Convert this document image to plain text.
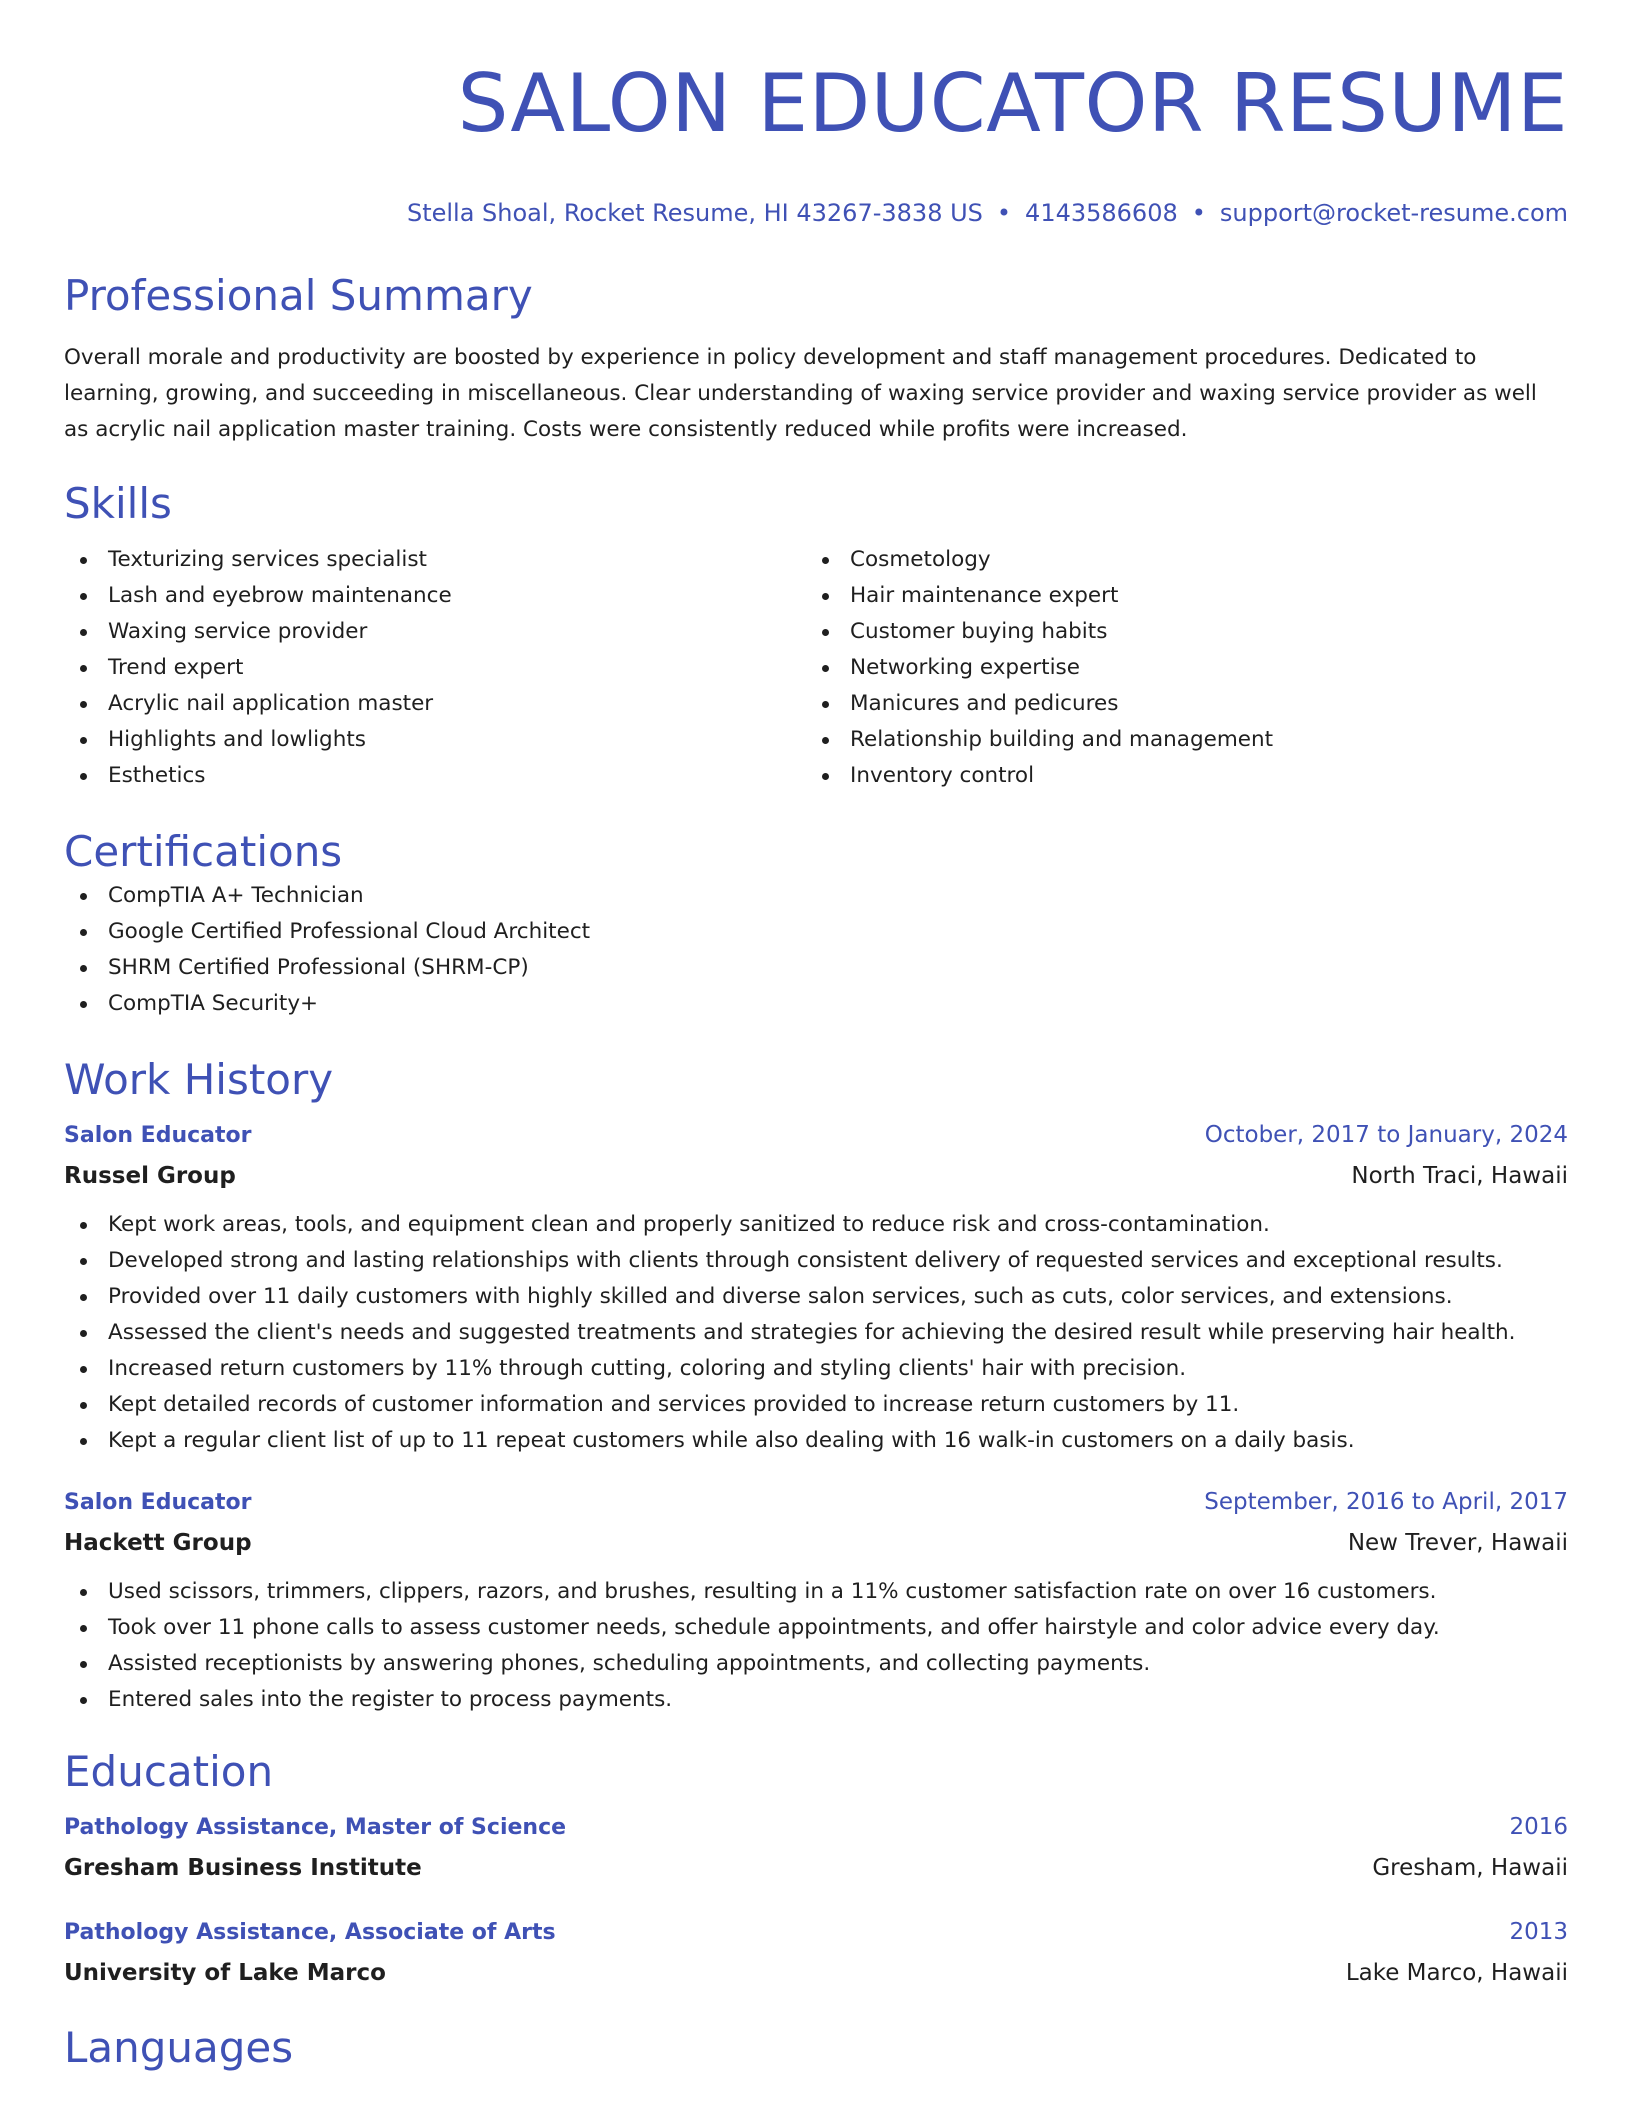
SALON EDUCATOR RESUME
Stella Shoal, Rocket Resume, HI 43267-3838 US • 4143586608 • support@rocket-resume.com
Professional Summary
Overall morale and productivity are boosted by experience in policy development and staff management procedures. Dedicated to learning, growing, and succeeding in miscellaneous. Clear understanding of waxing service provider and waxing service provider as well as acrylic nail application master training. Costs were consistently reduced while profits were increased.
Skills
Texturizing services specialist
Lash and eyebrow maintenance
Waxing service provider
Trend expert
Acrylic nail application master
Highlights and lowlights
Esthetics
Cosmetology
Hair maintenance expert
Customer buying habits
Networking expertise
Manicures and pedicures
Relationship building and management
Inventory control
Certifications
CompTIA A+ Technician
Google Certified Professional Cloud Architect
SHRM Certified Professional (SHRM-CP)
CompTIA Security+
Work History
Salon Educator	October, 2017 to January, 2024
Russel Group	North Traci, Hawaii
Kept work areas, tools, and equipment clean and properly sanitized to reduce risk and cross-contamination.
Developed strong and lasting relationships with clients through consistent delivery of requested services and exceptional results.
Provided over 11 daily customers with highly skilled and diverse salon services, such as cuts, color services, and extensions.
Assessed the client's needs and suggested treatments and strategies for achieving the desired result while preserving hair health.
Increased return customers by 11% through cutting, coloring and styling clients' hair with precision.
Kept detailed records of customer information and services provided to increase return customers by 11.
Kept a regular client list of up to 11 repeat customers while also dealing with 16 walk-in customers on a daily basis.
Salon Educator	September, 2016 to April, 2017
Hackett Group	New Trever, Hawaii
Used scissors, trimmers, clippers, razors, and brushes, resulting in a 11% customer satisfaction rate on over 16 customers.
Took over 11 phone calls to assess customer needs, schedule appointments, and offer hairstyle and color advice every day.
Assisted receptionists by answering phones, scheduling appointments, and collecting payments.
Entered sales into the register to process payments.
Education
Pathology Assistance, Master of Science	2016
Gresham Business Institute	Gresham, Hawaii
Pathology Assistance, Associate of Arts	2013
University of Lake Marco	Lake Marco, Hawaii
Languages
